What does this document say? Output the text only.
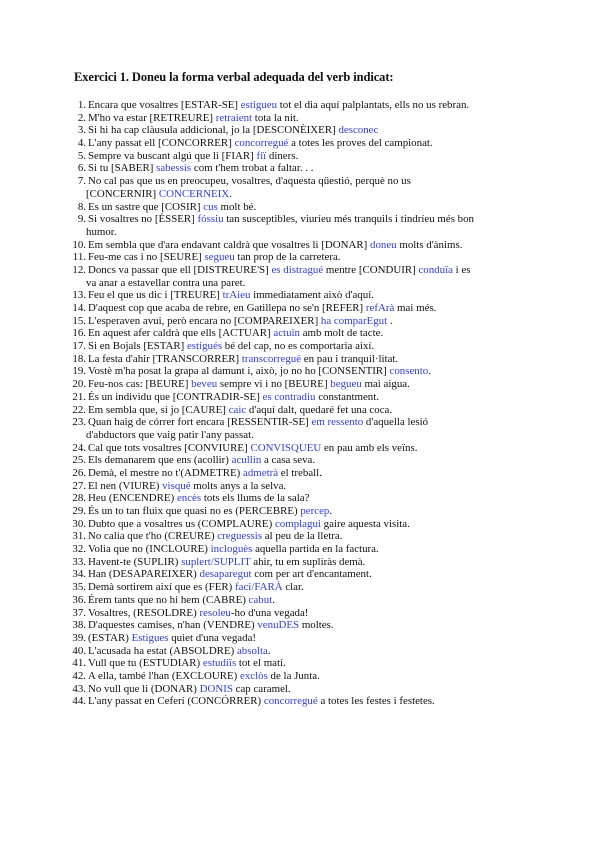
Exercici 1. Doneu la forma verbal adequada del verb indicat:
1. Encara que vosaltres [ESTAR-SE] estigueu tot el dia aquí palplantats, ells no us rebran.
2. M'ho va estar [RETREURE] retraient tota la nit.
3. Si hi ha cap clàusula addicional, jo la [DESCONÈIXER] desconec
4. L'any passat ell [CONCORRER] concorregué a totes les proves del campionat.
5. Sempre va buscant algú que li [FIAR] fiï diners.
6. Si tu [SABER] sabessis com t'hem trobat a faltar. . .
7. No cal pas que us en preocupeu, vosaltres, d'aquesta qüestió, perquè no us
[CONCERNIR] CONCERNEIX.
8. Es un sastre que [COSIR] cus molt bé.
9. Si vosaltres no [ÉSSER] fóssiu tan susceptibles, viuríeu més tranquils i tindríeu més bon
humor.
10. Em sembla que d'ara endavant caldrà que vosaltres li [DONAR] doneu molts d'ànims.
11. Feu-me cas i no [SEURE] segueu tan prop de la carretera.
12. Doncs va passar que ell [DISTREURE'S] es distragué mentre [CONDUIR] conduïa i es
va anar a estavellar contra una paret.
13. Feu el que us dic i [TREURE] trAieu immediatament això d'aquí.
14. D'aquest cop que acaba de rebre, en Gatillepa no se'n [REFER] refArà mai més.
15. L'esperaven avui, però encara no [COMPAREIXER] ha comparEgut .
16. En aquest afer caldrà que ells [ACTUAR] actuïn amb molt de tacte.
17. Si en Bojals [ESTAR] estigués bé del cap, no es comportaria així.
18. La festa d'ahir [TRANSCORRER] transcorregué en pau i tranquil·litat.
19. Vostè m'ha posat la grapa al damunt i, això, jo no ho [CONSENTIR] consento.
20. Feu-nos cas: [BEURE] beveu sempre vi i no [BEURE] begueu mai aigua.
21. És un individu que [CONTRADIR-SE] es contradiu constantment.
22. Em sembla que, si jo [CAURE] caic d'aquí dalt, quedaré fet una coca.
23. Quan haig de córrer fort encara [RESSENTIR-SE] em ressento d'aquella lesió
d'abductors que vaig patir l'any passat.
24. Cal que tots vosaltres [CONVIURE] CONVISQUEU en pau amb els veïns.
25. Els demanarem que ens (acollir) acullin a casa seva.
26. Demà, el mestre no t'(ADMETRE) admetrà el treball.
27. El nen (VIURE) visqué molts anys a la selva.
28. Heu (ENCENDRE) encès tots els llums de la sala?
29. És un to tan fluix que quasi no es (PERCEBRE) percep.
30. Dubto que a vosaltres us (COMPLAURE) complagui gaire aquesta visita.
31. No calia que t'ho (CREURE) creguessis al peu de la lletra.
32. Volia que no (INCLOURE) incloguès aquella partida en la factura.
33. Havent-te (SUPLIR) suplert/SUPLIT ahir, tu em supliràs demà.
34. Han (DESAPAREIXER) desaparegut com per art d'encantament.
35. Demà sortirem així que es (FER) faci/FARÀ clar.
36. Érem tants que no hi hem (CABRE) cabut.
37. Vosaltres, (RESOLDRE) resoleu-ho d'una vegada!
38. D'aquestes camises, n'han (VENDRE) venuDES moltes.
39. (ESTAR) Estigues quiet d'una vegada!
40. L'acusada ha estat (ABSOLDRE) absolta.
41. Vull que tu (ESTUDIAR) estudiïs tot el matí.
42. A ella, també l'han (EXCLOURE) exclòs de la Junta.
43. No vull que li (DONAR) DONIS cap caramel.
44. L'any passat en Ceferí (CONCÓRRER) concorregué a totes les festes i festetes.
